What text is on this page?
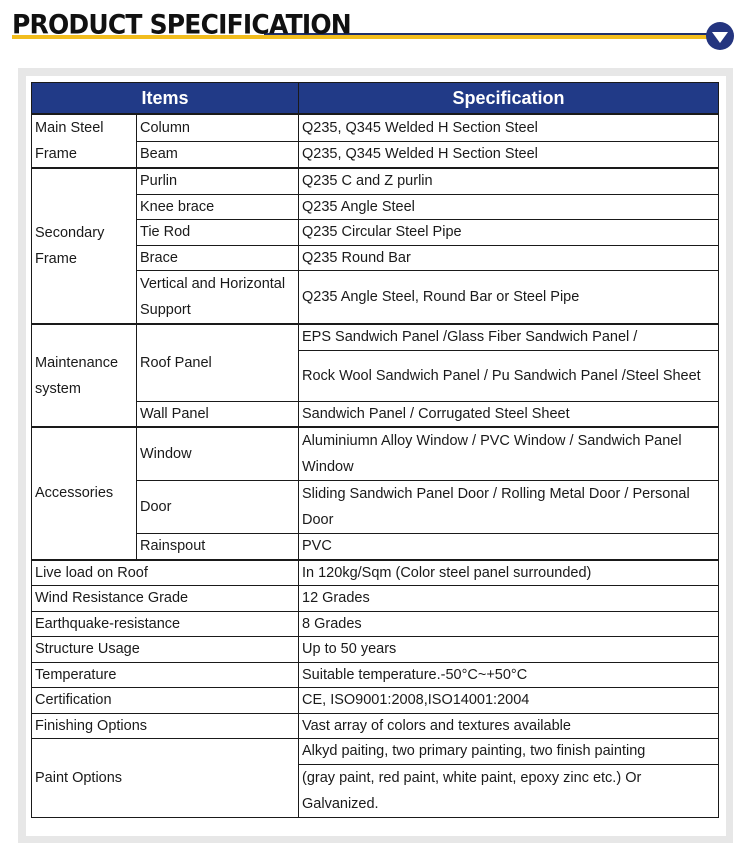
PRODUCT SPECIFICATION
Items		Specification
Main Steel Frame	Column	Q235, Q345 Welded H Section Steel
	Beam	Q235, Q345 Welded H Section Steel
Secondary Frame	Purlin	Q235 C and Z purlin
	Knee brace	Q235 Angle Steel
	Tie Rod	Q235 Circular Steel Pipe
	Brace	Q235 Round Bar
	Vertical and Horizontal Support	Q235 Angle Steel, Round Bar or Steel Pipe
Maintenance system	Roof Panel	EPS Sandwich Panel /Glass Fiber Sandwich Panel /
		Rock Wool Sandwich Panel / Pu Sandwich Panel /Steel Sheet
	Wall Panel	Sandwich Panel / Corrugated Steel Sheet
Accessories	Window	Aluminiumn Alloy Window / PVC Window / Sandwich Panel Window
	Door	Sliding Sandwich Panel Door / Rolling Metal Door / Personal Door
	Rainspout	PVC
Live load on Roof		In 120kg/Sqm (Color steel panel surrounded)
Wind Resistance Grade		12 Grades
Earthquake-resistance		8 Grades
Structure Usage		Up to 50 years
Temperature		Suitable temperature.-50°C~+50°C
Certification		CE, ISO9001:2008,ISO14001:2004
Finishing Options		Vast array of colors and textures available
Paint Options		Alkyd paiting, two primary painting, two finish painting
		(gray paint, red paint, white paint, epoxy zinc etc.) Or Galvanized.
